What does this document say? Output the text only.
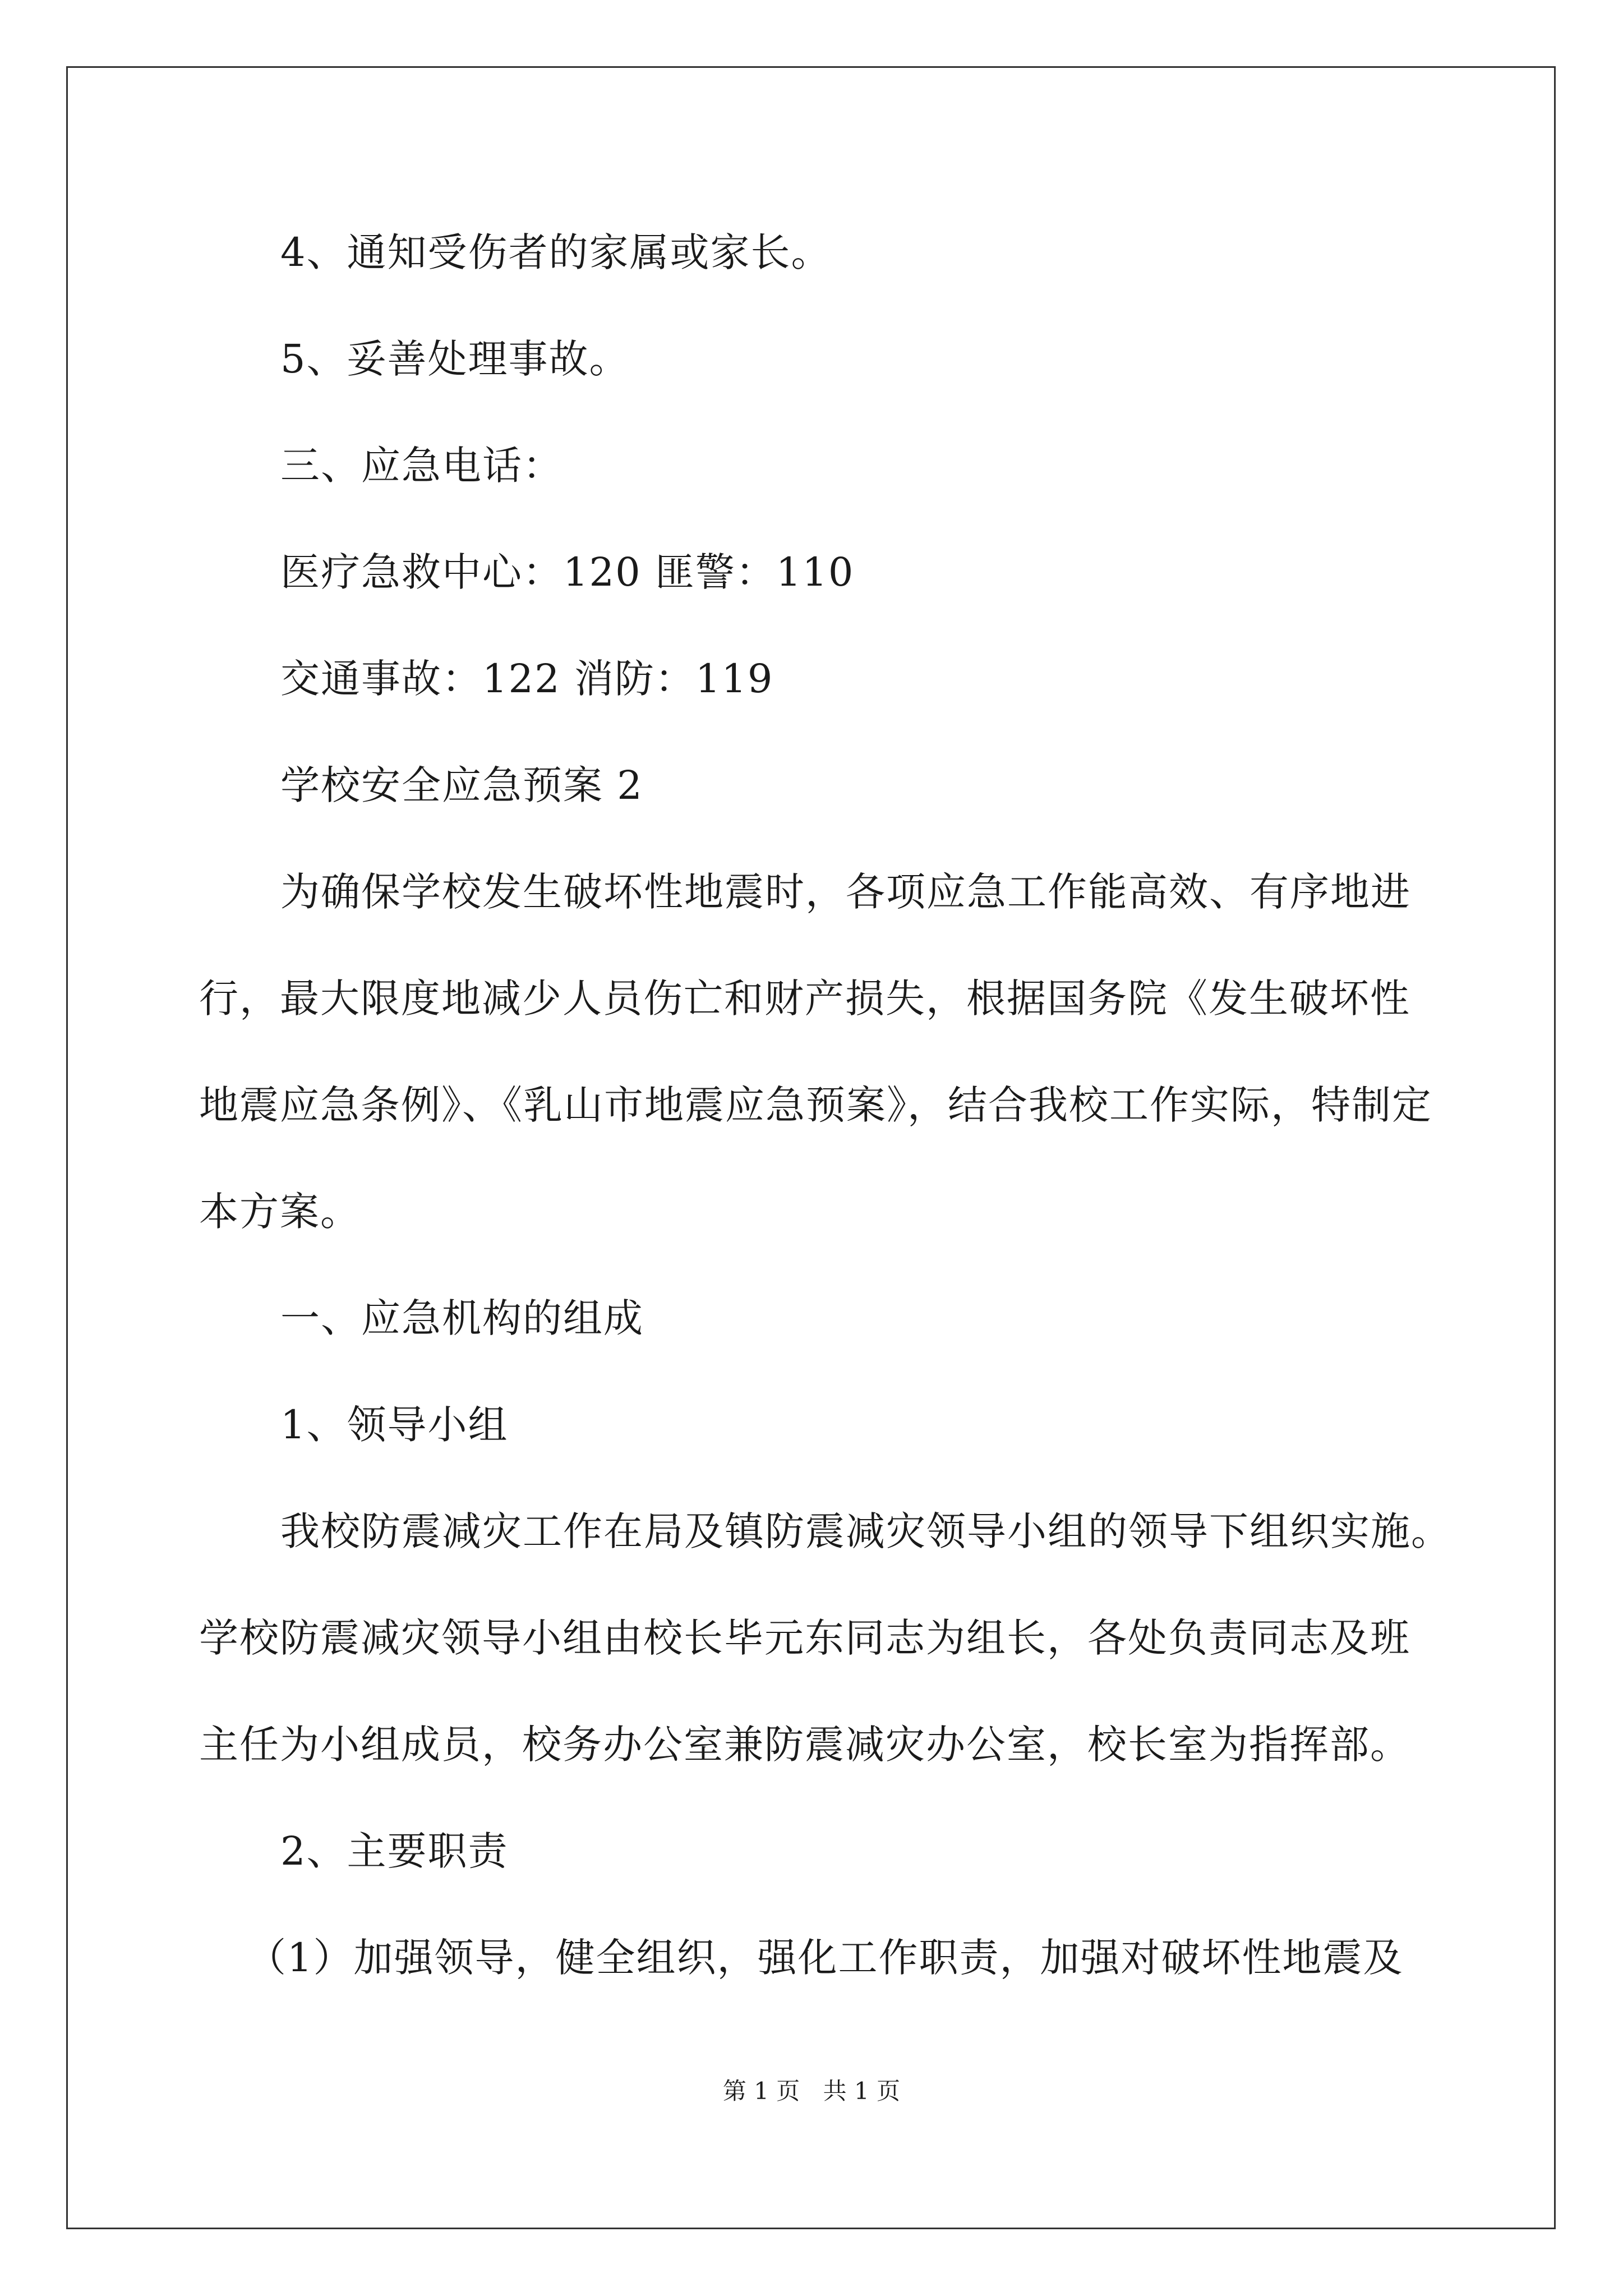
4、通知受伤者的家属或家长。
5、妥善处理事故。
三、应急电话：
医疗急救中心：120 匪警：110
交通事故：122 消防：119
学校安全应急预案 2
为确保学校发生破坏性地震时，各项应急工作能高效、有序地进
行，最大限度地减少人员伤亡和财产损失，根据国务院《发生破坏性
地震应急条例》、《乳山市地震应急预案》，结合我校工作实际，特制定
本方案。
一、应急机构的组成
1、领导小组
我校防震减灾工作在局及镇防震减灾领导小组的领导下组织实施。
学校防震减灾领导小组由校长毕元东同志为组长，各处负责同志及班
主任为小组成员，校务办公室兼防震减灾办公室，校长室为指挥部。
2、主要职责
（1）加强领导，健全组织，强化工作职责，加强对破坏性地震及
第 1 页 共 1 页
